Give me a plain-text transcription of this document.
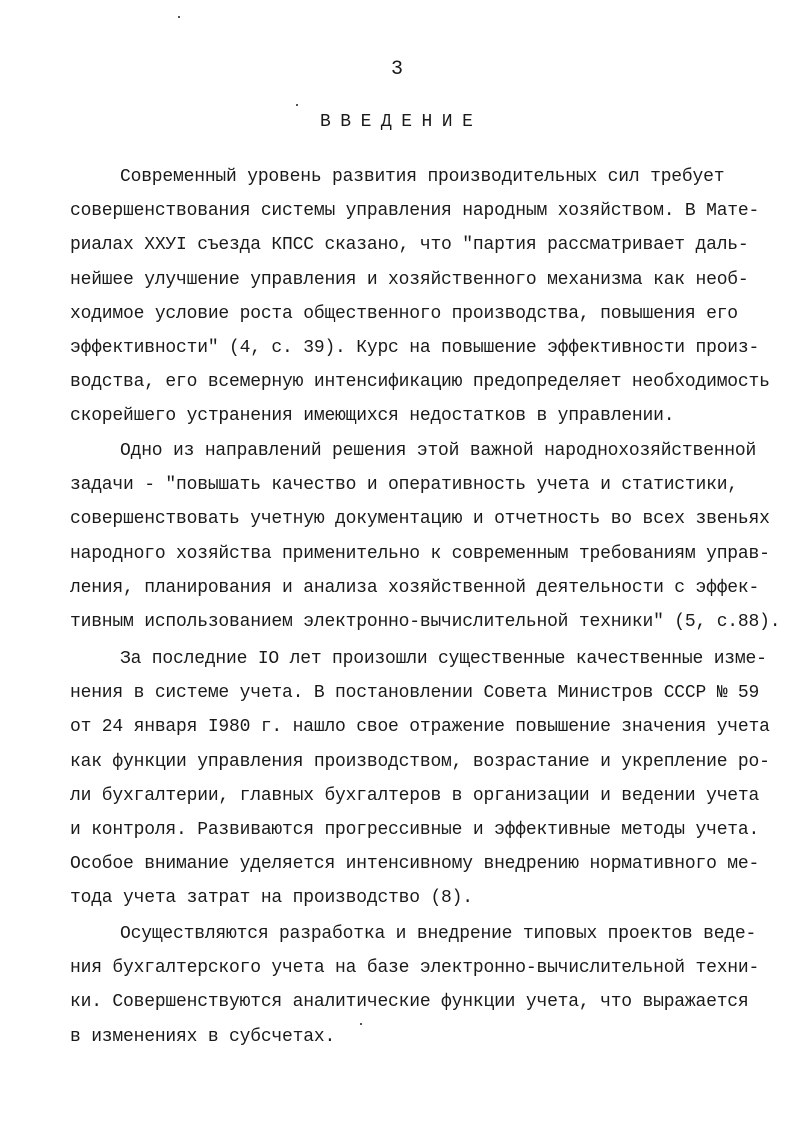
3
ВВЕДЕНИЕ
Современный уровень развития производительных сил требует
совершенствования системы управления народным хозяйством. В Мате-
риалах XXУI съезда КПСС сказано, что "партия рассматривает даль-
нейшее улучшение управления и хозяйственного механизма как необ-
ходимое условие роста общественного производства, повышения его
эффективности" (4, с. 39). Курс на повышение эффективности произ-
водства, его всемерную интенсификацию предопределяет необходимость
скорейшего устранения имеющихся недостатков в управлении.
Одно из направлений решения этой важной народнохозяйственной
задачи - "повышать качество и оперативность учета и статистики,
совершенствовать учетную документацию и отчетность во всех звеньях
народного хозяйства применительно к современным требованиям управ-
ления, планирования и анализа хозяйственной деятельности с эффек-
тивным использованием электронно-вычислительной техники" (5, с.88).
За последние IO лет произошли существенные качественные изме-
нения в системе учета. В постановлении Совета Министров СССР № 59
от 24 января I980 г. нашло свое отражение повышение значения учета
как функции управления производством, возрастание и укрепление ро-
ли бухгалтерии, главных бухгалтеров в организации и ведении учета
и контроля. Развиваются прогрессивные и эффективные методы учета.
Особое внимание уделяется интенсивному внедрению нормативного ме-
тода учета затрат на производство (8).
Осуществляются разработка и внедрение типовых проектов веде-
ния бухгалтерского учета на базе электронно-вычислительной техни-
ки. Совершенствуются аналитические функции учета, что выражается
в изменениях в субсчетах.
